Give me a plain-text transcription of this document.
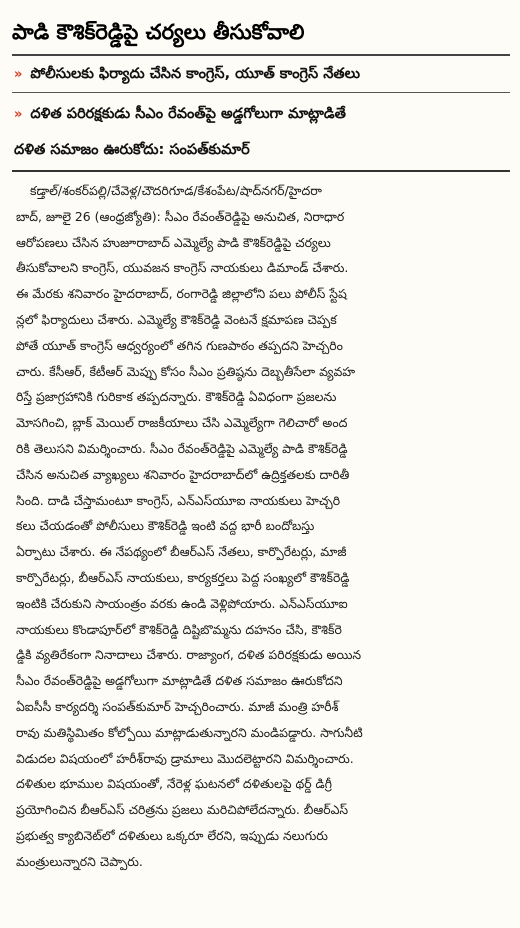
పాడి కౌశిక్‌రెడ్డిపై చర్యలు తీసుకోవాలి
» పోలీసులకు ఫిర్యాదు చేసిన కాంగ్రెస్, యూత్ కాంగ్రెస్ నేతలు
» దళిత పరిరక్షకుడు సీఎం రేవంత్‌పై అడ్డగోలుగా మాట్లాడితే
దళిత సమాజం ఊరుకోదు: సంపత్‌కుమార్
కడ్తాల్/శంకర్‌పల్లి/చేవెళ్ల/చౌదరిగూడ/కేశంపేట/షాద్‌నగర్/హైదరా
బాద్, జూలై 26 (ఆంధ్రజ్యోతి): సీఎం రేవంత్‌రెడ్డిపై అనుచిత, నిరాధార
ఆరోపణలు చేసిన హుజూరాబాద్ ఎమ్మెల్యే పాడి కౌశిక్‌రెడ్డిపై చర్యలు
తీసుకోవాలని కాంగ్రెస్, యువజన కాంగ్రెస్ నాయకులు డిమాండ్ చేశారు.
ఈ మేరకు శనివారం హైదరాబాద్, రంగారెడ్డి జిల్లాలోని పలు పోలీస్ స్టేష
న్లలో ఫిర్యాదులు చేశారు. ఎమ్మెల్యే కౌశిక్‌రెడ్డి వెంటనే క్షమాపణ చెప్పక
పోతే యూత్ కాంగ్రెస్ ఆధ్వర్యంలో తగిన గుణపాఠం తప్పదని హెచ్చరిం
చారు. కేసీఆర్, కేటీఆర్ మెప్పు కోసం సీఎం ప్రతిష్ఠను దెబ్బతీసేలా వ్యవహ
రిస్తే ప్రజాగ్రహానికి గురికాక తప్పదన్నారు. కౌశిక్‌రెడ్డి ఏవిధంగా ప్రజలను
మోసగించి, బ్లాక్ మెయిల్ రాజకీయాలు చేసి ఎమ్మెల్యేగా గెలిచారో అంద
రికి తెలుసని విమర్శించారు. సీఎం రేవంత్‌రెడ్డిపై ఎమ్మెల్యే పాడి కౌశిక్‌రెడ్డి
చేసిన అనుచిత వ్యాఖ్యలు శనివారం హైదరాబాద్‌లో ఉద్రిక్తతలకు దారితీ
సింది. దాడి చేస్తామంటూ కాంగ్రెస్, ఎన్‌ఎస్‌యూఐ నాయకులు హెచ్చరి
కలు చేయడంతో పోలీసులు కౌశిక్‌రెడ్డి ఇంటి వద్ద భారీ బందోబస్తు
ఏర్పాటు చేశారు. ఈ నేపథ్యంలో బీఆర్ఎస్ నేతలు, కార్పొరేటర్లు, మాజీ
కార్పొరేటర్లు, బీఆర్ఎస్ నాయకులు, కార్యకర్తలు పెద్ద సంఖ్యలో కౌశిక్‌రెడ్డి
ఇంటికి చేరుకుని సాయంత్రం వరకు ఉండి వెళ్లిపోయారు. ఎన్‌ఎస్‌యూఐ
నాయకులు కొండాపూర్‌లో కౌశిక్‌రెడ్డి దిష్టిబొమ్మను దహనం చేసి, కౌశిక్‌రె
డ్డికి వ్యతిరేకంగా నినాదాలు చేశారు. రాజ్యాంగ, దళిత పరిరక్షకుడు అయిన
సీఎం రేవంత్‌రెడ్డిపై అడ్డగోలుగా మాట్లాడితే దళిత సమాజం ఊరుకోదని
ఏఐసీసీ కార్యదర్శి సంపత్‌కుమార్ హెచ్చరించారు. మాజీ మంత్రి హరీశ్
రావు మతిస్థిమితం కోల్పోయి మాట్లాడుతున్నారని మండిపడ్డారు. సాగునీటి
విడుదల విషయంలో హరీశ్‌రావు డ్రామాలు మొదలెట్టారని విమర్శించారు.
దళితుల భూముల విషయంతో, నేరెళ్ల ఘటనలో దళితులపై థర్డ్ డిగ్రీ
ప్రయోగించిన బీఆర్ఎస్ చరిత్రను ప్రజలు మరిచిపోలేదన్నారు. బీఆర్ఎస్
ప్రభుత్వ క్యాబినెట్‌లో దళితులు ఒక్కరూ లేరని, ఇప్పుడు నలుగురు
మంత్రులున్నారని చెప్పారు.
